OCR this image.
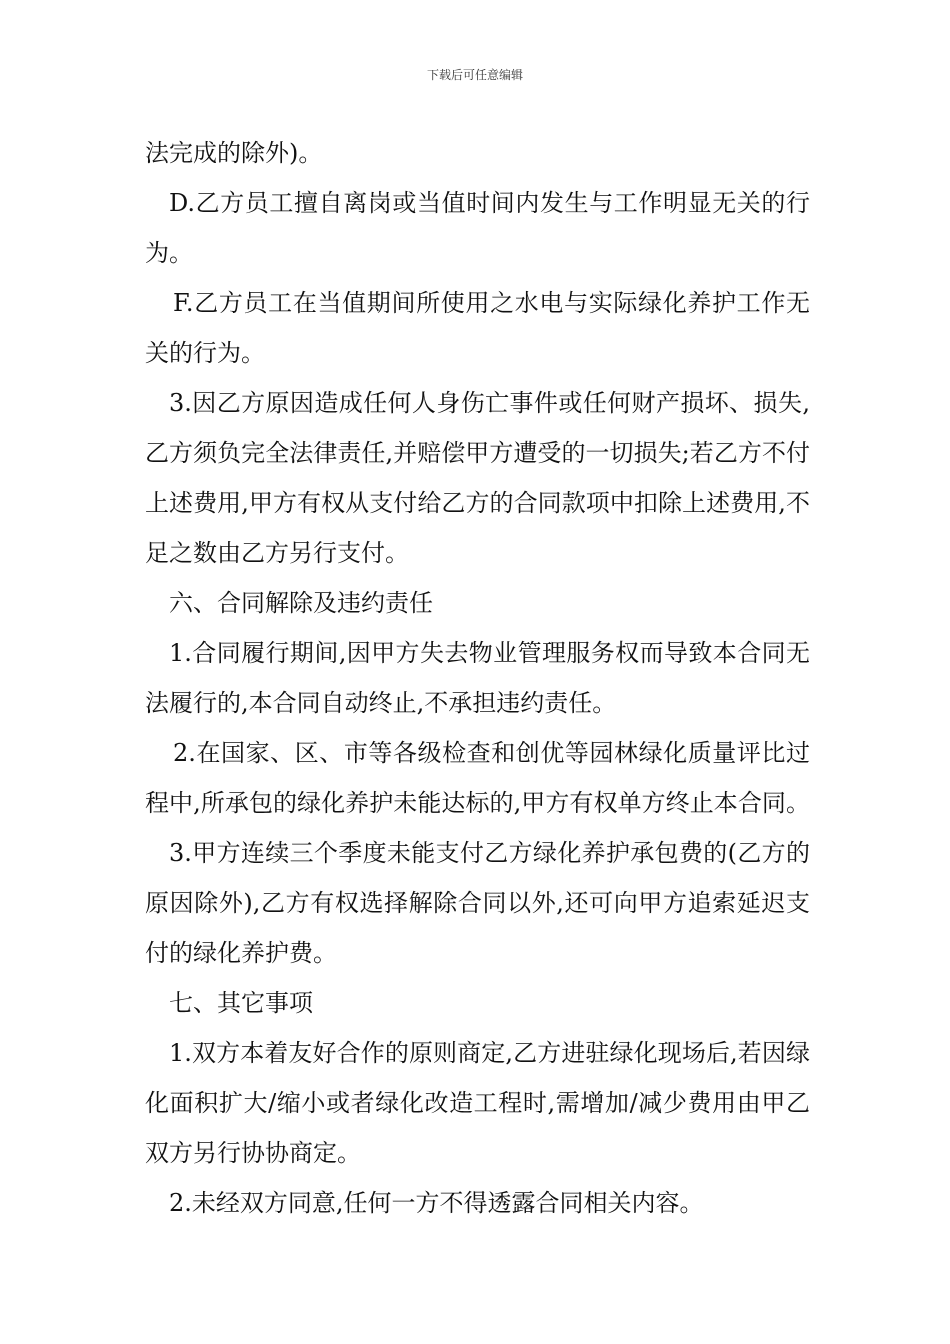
下载后可任意编辑
法完成的除外)。
D.乙方员工擅自离岗或当值时间内发生与工作明显无关的行
为。
F.乙方员工在当值期间所使用之水电与实际绿化养护工作无
关的行为。
3.因乙方原因造成任何人身伤亡事件或任何财产损坏、损失,
乙方须负完全法律责任,并赔偿甲方遭受的一切损失;若乙方不付
上述费用,甲方有权从支付给乙方的合同款项中扣除上述费用,不
足之数由乙方另行支付。
六、合同解除及违约责任
1.合同履行期间,因甲方失去物业管理服务权而导致本合同无
法履行的,本合同自动终止,不承担违约责任。
2.在国家、区、市等各级检查和创优等园林绿化质量评比过
程中,所承包的绿化养护未能达标的,甲方有权单方终止本合同。
3.甲方连续三个季度未能支付乙方绿化养护承包费的(乙方的
原因除外),乙方有权选择解除合同以外,还可向甲方追索延迟支
付的绿化养护费。
七、其它事项
1.双方本着友好合作的原则商定,乙方进驻绿化现场后,若因绿
化面积扩大/缩小或者绿化改造工程时,需增加/减少费用由甲乙
双方另行协协商定。
2.未经双方同意,任何一方不得透露合同相关内容。
